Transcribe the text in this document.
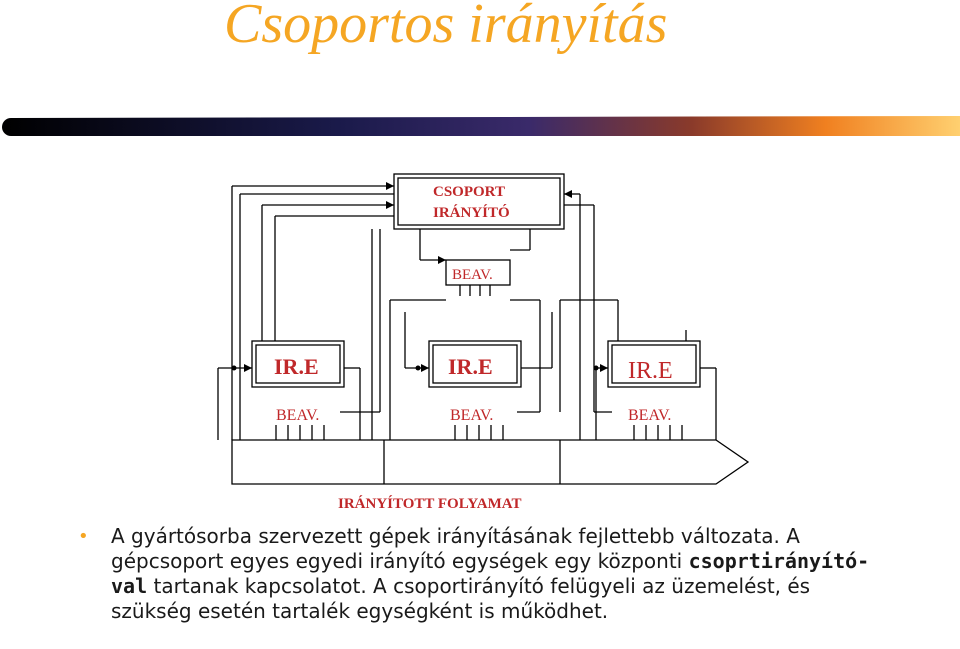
Csoportos irányítás
CSOPORT
IRÁNYÍTÓ
BEAV.
IR.E	IR.E	IR.E
BEAV.	BEAV.	BEAV.
IRÁNYÍTOTT FOLYAMAT
• A gyártósorba szervezett gépek irányításának fejlettebb változata. A
gépcsoport egyes egyedi irányító egységek egy központi csoprtirányító-
val tartanak kapcsolatot. A csoportirányító felügyeli az üzemelést, és
szükség esetén tartalék egységként is működhet.
